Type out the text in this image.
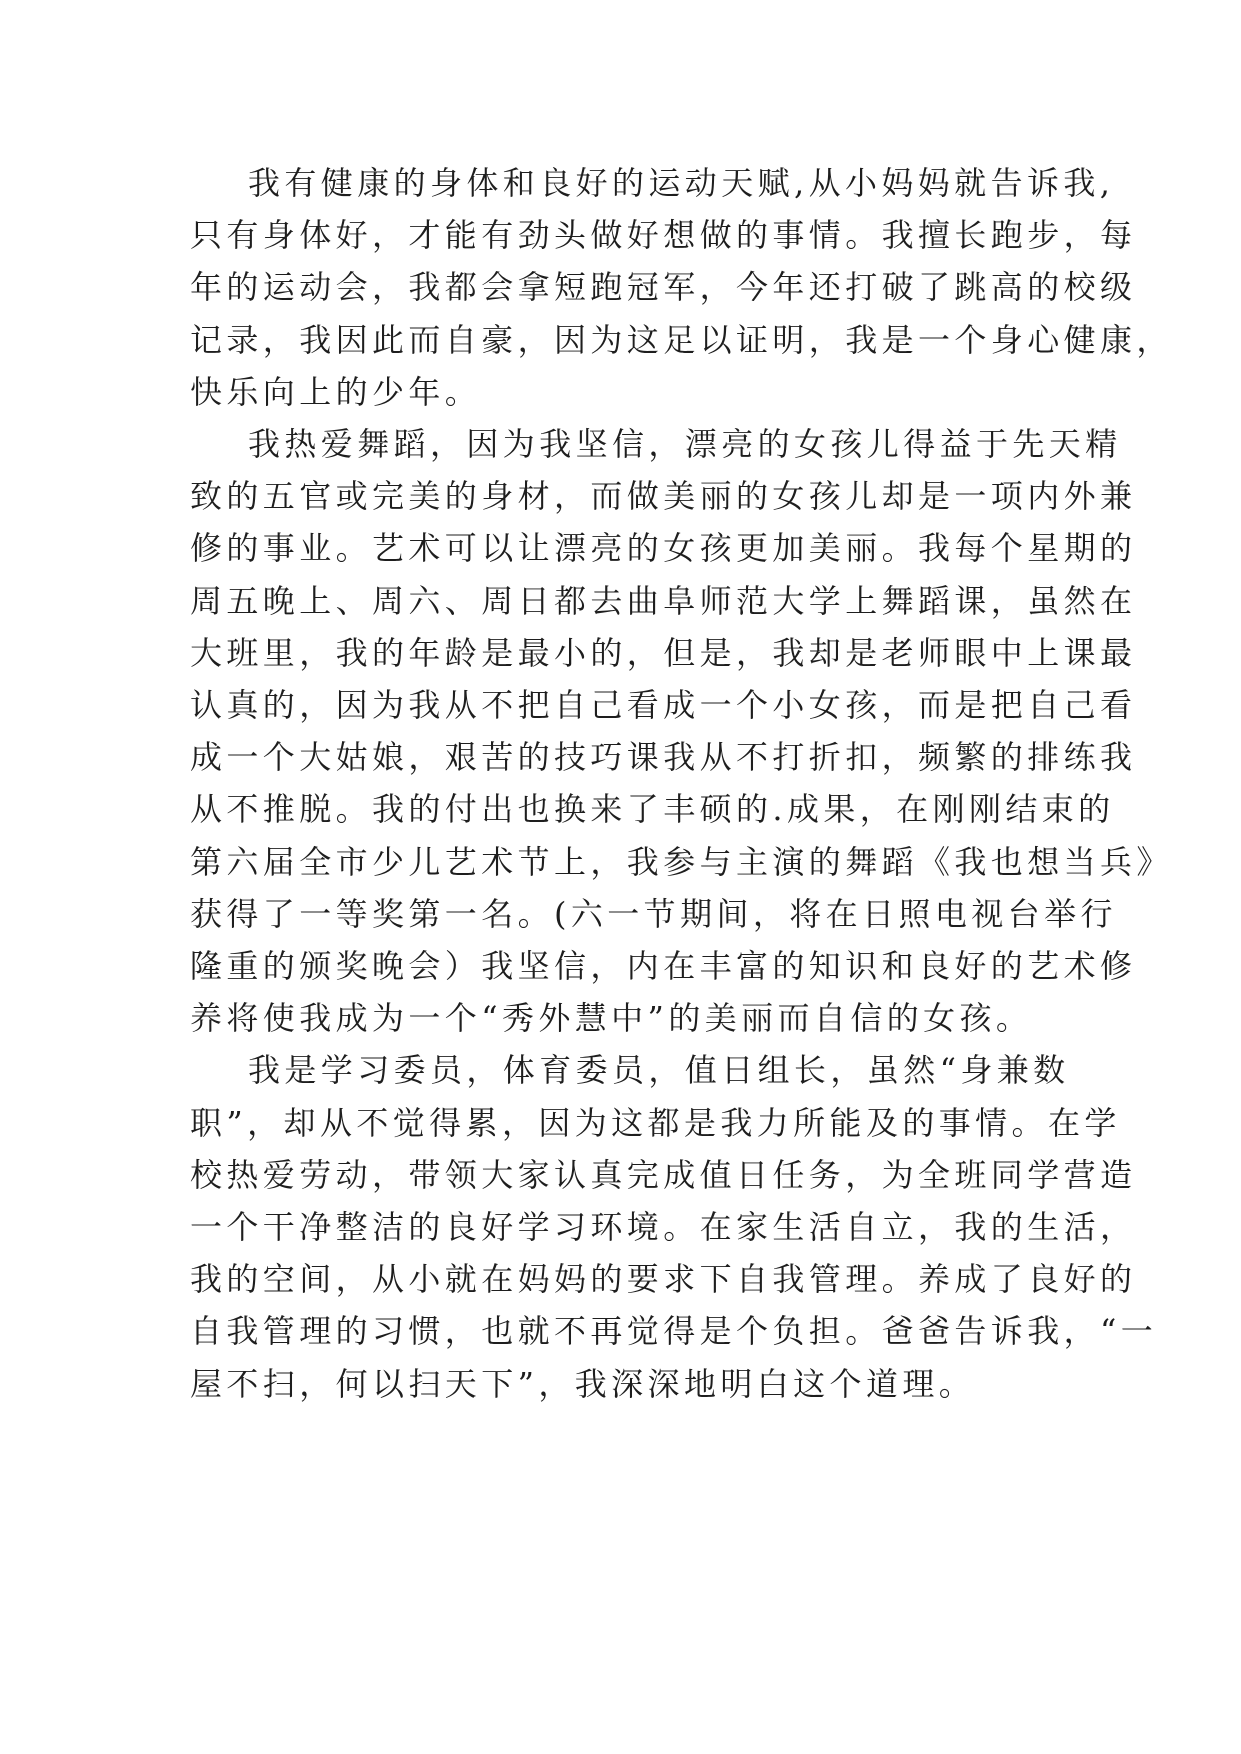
我有健康的身体和良好的运动天赋,从小妈妈就告诉我,
只有身体好，才能有劲头做好想做的事情。我擅长跑步，每
年的运动会，我都会拿短跑冠军，今年还打破了跳高的校级
记录，我因此而自豪，因为这足以证明，我是一个身心健康，
快乐向上的少年。
我热爱舞蹈，因为我坚信，漂亮的女孩儿得益于先天精
致的五官或完美的身材，而做美丽的女孩儿却是一项内外兼
修的事业。艺术可以让漂亮的女孩更加美丽。我每个星期的
周五晚上、周六、周日都去曲阜师范大学上舞蹈课，虽然在
大班里，我的年龄是最小的，但是，我却是老师眼中上课最
认真的，因为我从不把自己看成一个小女孩，而是把自己看
成一个大姑娘，艰苦的技巧课我从不打折扣，频繁的排练我
从不推脱。我的付出也换来了丰硕的.成果，在刚刚结束的
第六届全市少儿艺术节上，我参与主演的舞蹈《我也想当兵》
获得了一等奖第一名。(六一节期间，将在日照电视台举行
隆重的颁奖晚会）我坚信，内在丰富的知识和良好的艺术修
养将使我成为一个“秀外慧中”的美丽而自信的女孩。
我是学习委员，体育委员，值日组长，虽然“身兼数
职”，却从不觉得累，因为这都是我力所能及的事情。在学
校热爱劳动，带领大家认真完成值日任务，为全班同学营造
一个干净整洁的良好学习环境。在家生活自立，我的生活，
我的空间，从小就在妈妈的要求下自我管理。养成了良好的
自我管理的习惯，也就不再觉得是个负担。爸爸告诉我，“一
屋不扫，何以扫天下”，我深深地明白这个道理。
